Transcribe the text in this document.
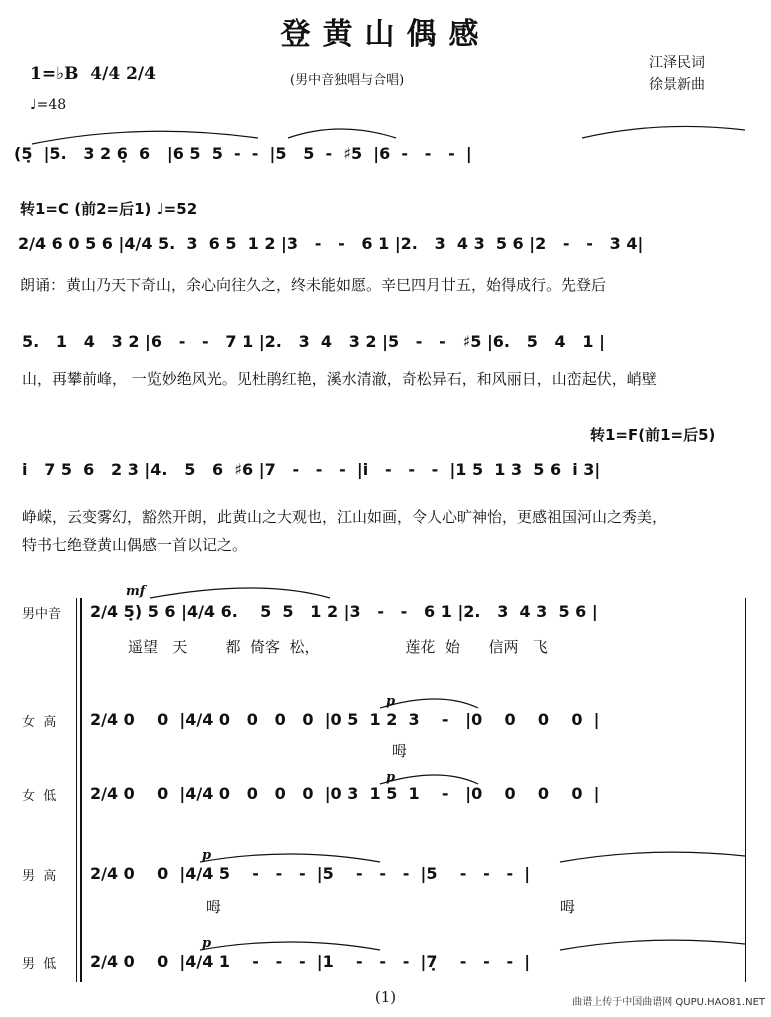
登黄山偶感
(男中音独唱与合唱)
江泽民词
徐景新曲
1=♭B  4/4 2/4
♩=48
(5̣  |5.   3 2 6̣  6   |6 5  5  -  -  |5   5  -  ♯5  |6  -   -   -  |
转1=C (前2=后1) ♩=52
2/4 6 0 5 6 |4/4 5.  3  6 5  1 2 |3   -   -   6 1 |2.   3  4 3  5 6 |2   -   -   3 4|
朗诵： 黄山乃天下奇山，余心向往久之，终未能如愿。辛巳四月廿五，始得成行。先登后
5.   1   4   3 2 |6   -   -   7 1 |2.   3  4   3 2 |5   -   -   ♯5 |6.   5   4   1 |
山，再攀前峰， 一览妙绝风光。见杜鹃红艳，溪水清澈，奇松异石，和风丽日，山峦起伏，峭壁
转1=F(前1=后5)
i   7 5  6   2 3 |4.   5   6  ♯6 |7   -   -   -  |i   -   -   -  |1 5  1 3  5 6  i 3|
峥嵘，云变雾幻，豁然开朗，此黄山之大观也，江山如画，令人心旷神怡，更感祖国河山之秀美，
特书七绝登黄山偶感一首以记之。
男中音 2/4 5̣) 5 6 |4/4 6.    5  5   1 2 |3   -   -   6 1 |2.   3  4 3  5 6 |
mf
遥望   天        都  倚客  松，                  莲花  始      信两   飞
女  高 2/4 0    0  |4/4 0   0   0   0  |0 5  1 2  3    -   |0    0    0    0  |
p
呣
女  低 2/4 0    0  |4/4 0   0   0   0  |0 3  1 5  1    -   |0    0    0    0  |
p
男  高 2/4 0    0  |4/4 5    -   -   -  |5    -   -   -  |5    -   -   -  |
p
呣	呣
男  低 2/4 0    0  |4/4 1    -   -   -  |1    -   -   -  |7̣    -   -   -  |
p
(1)	曲谱上传于中国曲谱网 QUPU.HAO81.NET
